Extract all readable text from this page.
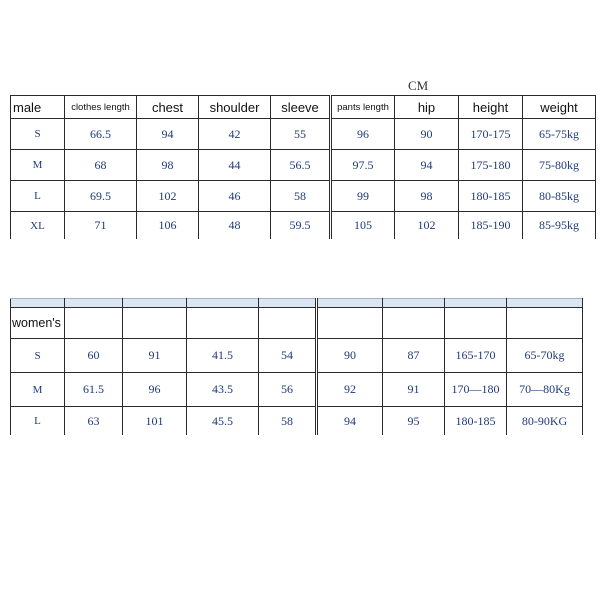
CM
male	clothes length	chest	shoulder	sleeve	pants length	hip	height	weight
S	66.5	94	42	55	96	90	170-175	65-75kg
M	68	98	44	56.5	97.5	94	175-180	75-80kg
L	69.5	102	46	58	99	98	180-185	80-85kg
XL	71	106	48	59.5	105	102	185-190	85-95kg

women's								
S	60	91	41.5	54	90	87	165-170	65-70kg
M	61.5	96	43.5	56	92	91	170—180	70—80Kg
L	63	101	45.5	58	94	95	180-185	80-90KG
